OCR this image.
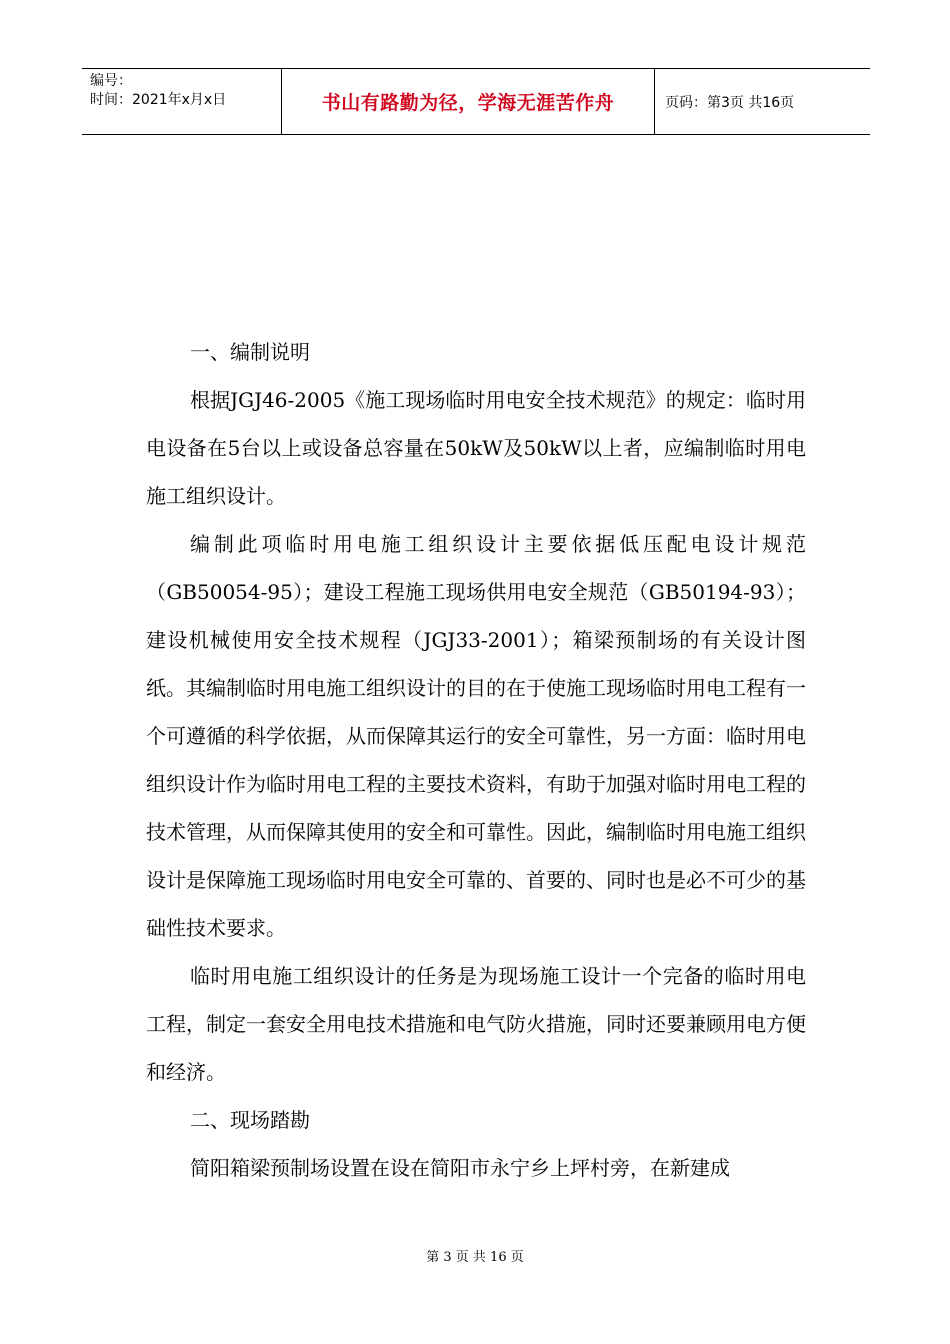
编号：
时间：2021年x月x日	书山有路勤为径，学海无涯苦作舟	页码：第3页 共16页

一、编制说明

根据JGJ46-2005《施工现场临时用电安全技术规范》的规定：临时用电设备在5台以上或设备总容量在50kW及50kW以上者，应编制临时用电施工组织设计。

编制此项临时用电施工组织设计主要依据低压配电设计规范（GB50054-95）；建设工程施工现场供用电安全规范（GB50194-93）；建设机械使用安全技术规程（JGJ33-2001）；箱梁预制场的有关设计图纸。其编制临时用电施工组织设计的目的在于使施工现场临时用电工程有一个可遵循的科学依据，从而保障其运行的安全可靠性，另一方面：临时用电组织设计作为临时用电工程的主要技术资料，有助于加强对临时用电工程的技术管理，从而保障其使用的安全和可靠性。因此，编制临时用电施工组织设计是保障施工现场临时用电安全可靠的、首要的、同时也是必不可少的基础性技术要求。

临时用电施工组织设计的任务是为现场施工设计一个完备的临时用电工程，制定一套安全用电技术措施和电气防火措施，同时还要兼顾用电方便和经济。

二、现场踏勘

简阳箱梁预制场设置在设在简阳市永宁乡上坪村旁，在新建成

第 3 页 共 16 页
